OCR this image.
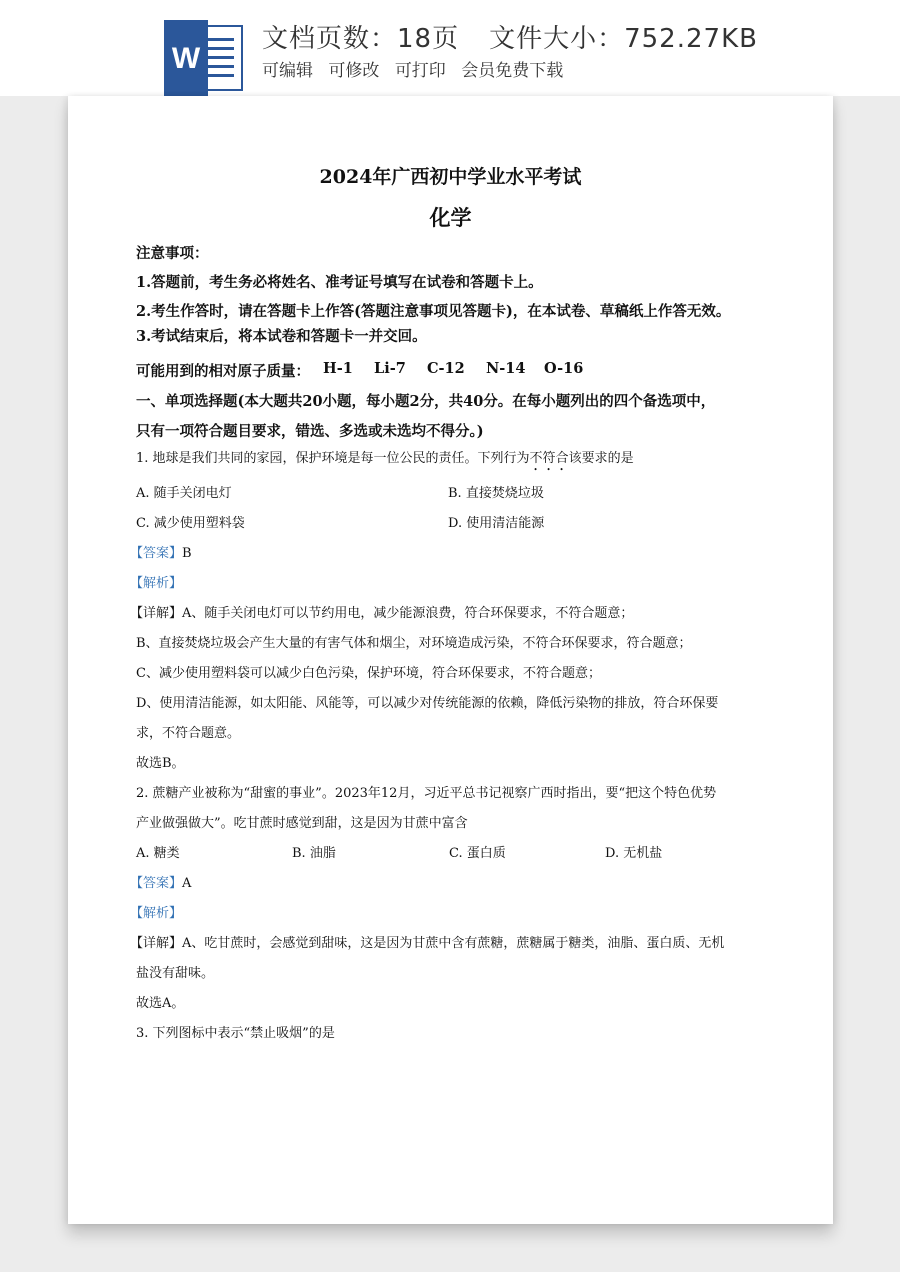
W
文档页数：18页 文件大小：752.27KB
可编辑 可修改 可打印 会员免费下载
2024年广西初中学业水平考试
化学
注意事项：
1.答题前，考生务必将姓名、准考证号填写在试卷和答题卡上。
2.考生作答时，请在答题卡上作答(答题注意事项见答题卡)，在本试卷、草稿纸上作答无效。
3.考试结束后，将本试卷和答题卡一并交回。
可能用到的相对原子质量： H-1 Li-7 C-12 N-14 O-16
一、单项选择题(本大题共20小题，每小题2分，共40分。在每小题列出的四个备选项中，
只有一项符合题目要求，错选、多选或未选均不得分。)
1. 地球是我们共同的家园，保护环境是每一位公民的责任。下列行为不符合该要求的是
A. 随手关闭电灯	B. 直接焚烧垃圾
C. 减少使用塑料袋	D. 使用清洁能源
【答案】B
【解析】
【详解】A、随手关闭电灯可以节约用电，减少能源浪费，符合环保要求，不符合题意；
B、直接焚烧垃圾会产生大量的有害气体和烟尘，对环境造成污染，不符合环保要求，符合题意；
C、减少使用塑料袋可以减少白色污染，保护环境，符合环保要求，不符合题意；
D、使用清洁能源，如太阳能、风能等，可以减少对传统能源的依赖，降低污染物的排放，符合环保要
求，不符合题意。
故选B。
2. 蔗糖产业被称为“甜蜜的事业”。2023年12月，习近平总书记视察广西时指出，要“把这个特色优势
产业做强做大”。吃甘蔗时感觉到甜，这是因为甘蔗中富含
A. 糖类	B. 油脂	C. 蛋白质	D. 无机盐
【答案】A
【解析】
【详解】A、吃甘蔗时，会感觉到甜味，这是因为甘蔗中含有蔗糖，蔗糖属于糖类，油脂、蛋白质、无机
盐没有甜味。
故选A。
3. 下列图标中表示“禁止吸烟”的是
